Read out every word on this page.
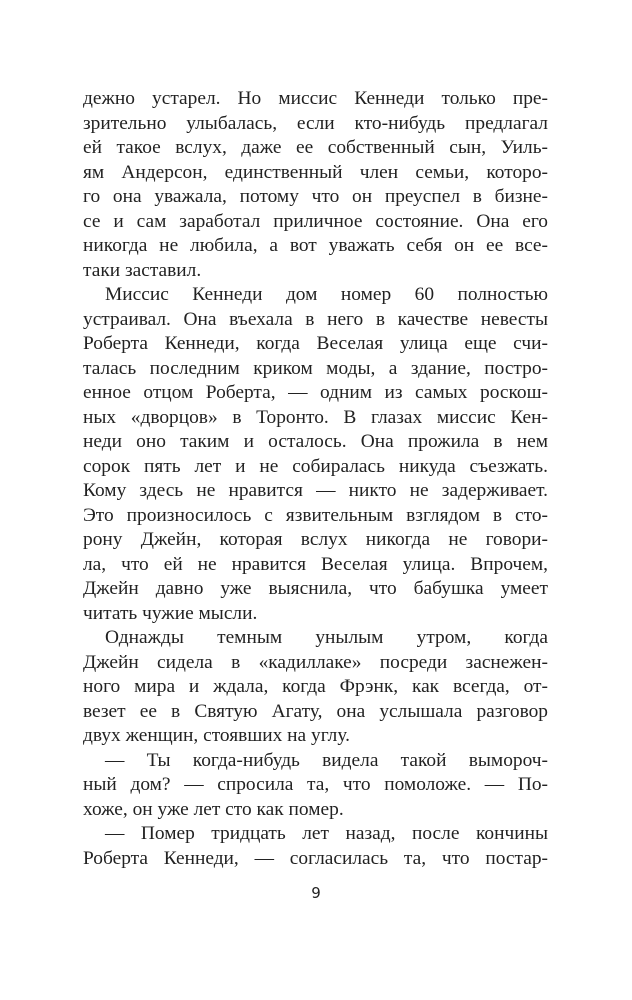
дежно устарел. Но миссис Кеннеди только пре-
зрительно улыбалась, если кто-нибудь предлагал
ей такое вслух, даже ее собственный сын, Уиль-
ям Андерсон, единственный член семьи, которо-
го она уважала, потому что он преуспел в бизне-
се и сам заработал приличное состояние. Она его
никогда не любила, а вот уважать себя он ее все-
таки заставил.
Миссис Кеннеди дом номер 60 полностью
устраивал. Она въехала в него в качестве невесты
Роберта Кеннеди, когда Веселая улица еще счи-
талась последним криком моды, а здание, постро-
енное отцом Роберта, — одним из самых роскош-
ных «дворцов» в Торонто. В глазах миссис Кен-
неди оно таким и осталось. Она прожила в нем
сорок пять лет и не собиралась никуда съезжать.
Кому здесь не нравится — никто не задерживает.
Это произносилось с язвительным взглядом в сто-
рону Джейн, которая вслух никогда не говори-
ла, что ей не нравится Веселая улица. Впрочем,
Джейн давно уже выяснила, что бабушка умеет
читать чужие мысли.
Однажды темным унылым утром, когда
Джейн сидела в «кадиллаке» посреди заснежен-
ного мира и ждала, когда Фрэнк, как всегда, от-
везет ее в Святую Агату, она услышала разговор
двух женщин, стоявших на углу.
— Ты когда-нибудь видела такой вымороч-
ный дом? — спросила та, что помоложе. — По-
хоже, он уже лет сто как помер.
— Помер тридцать лет назад, после кончины
Роберта Кеннеди, — согласилась та, что постар-
9
